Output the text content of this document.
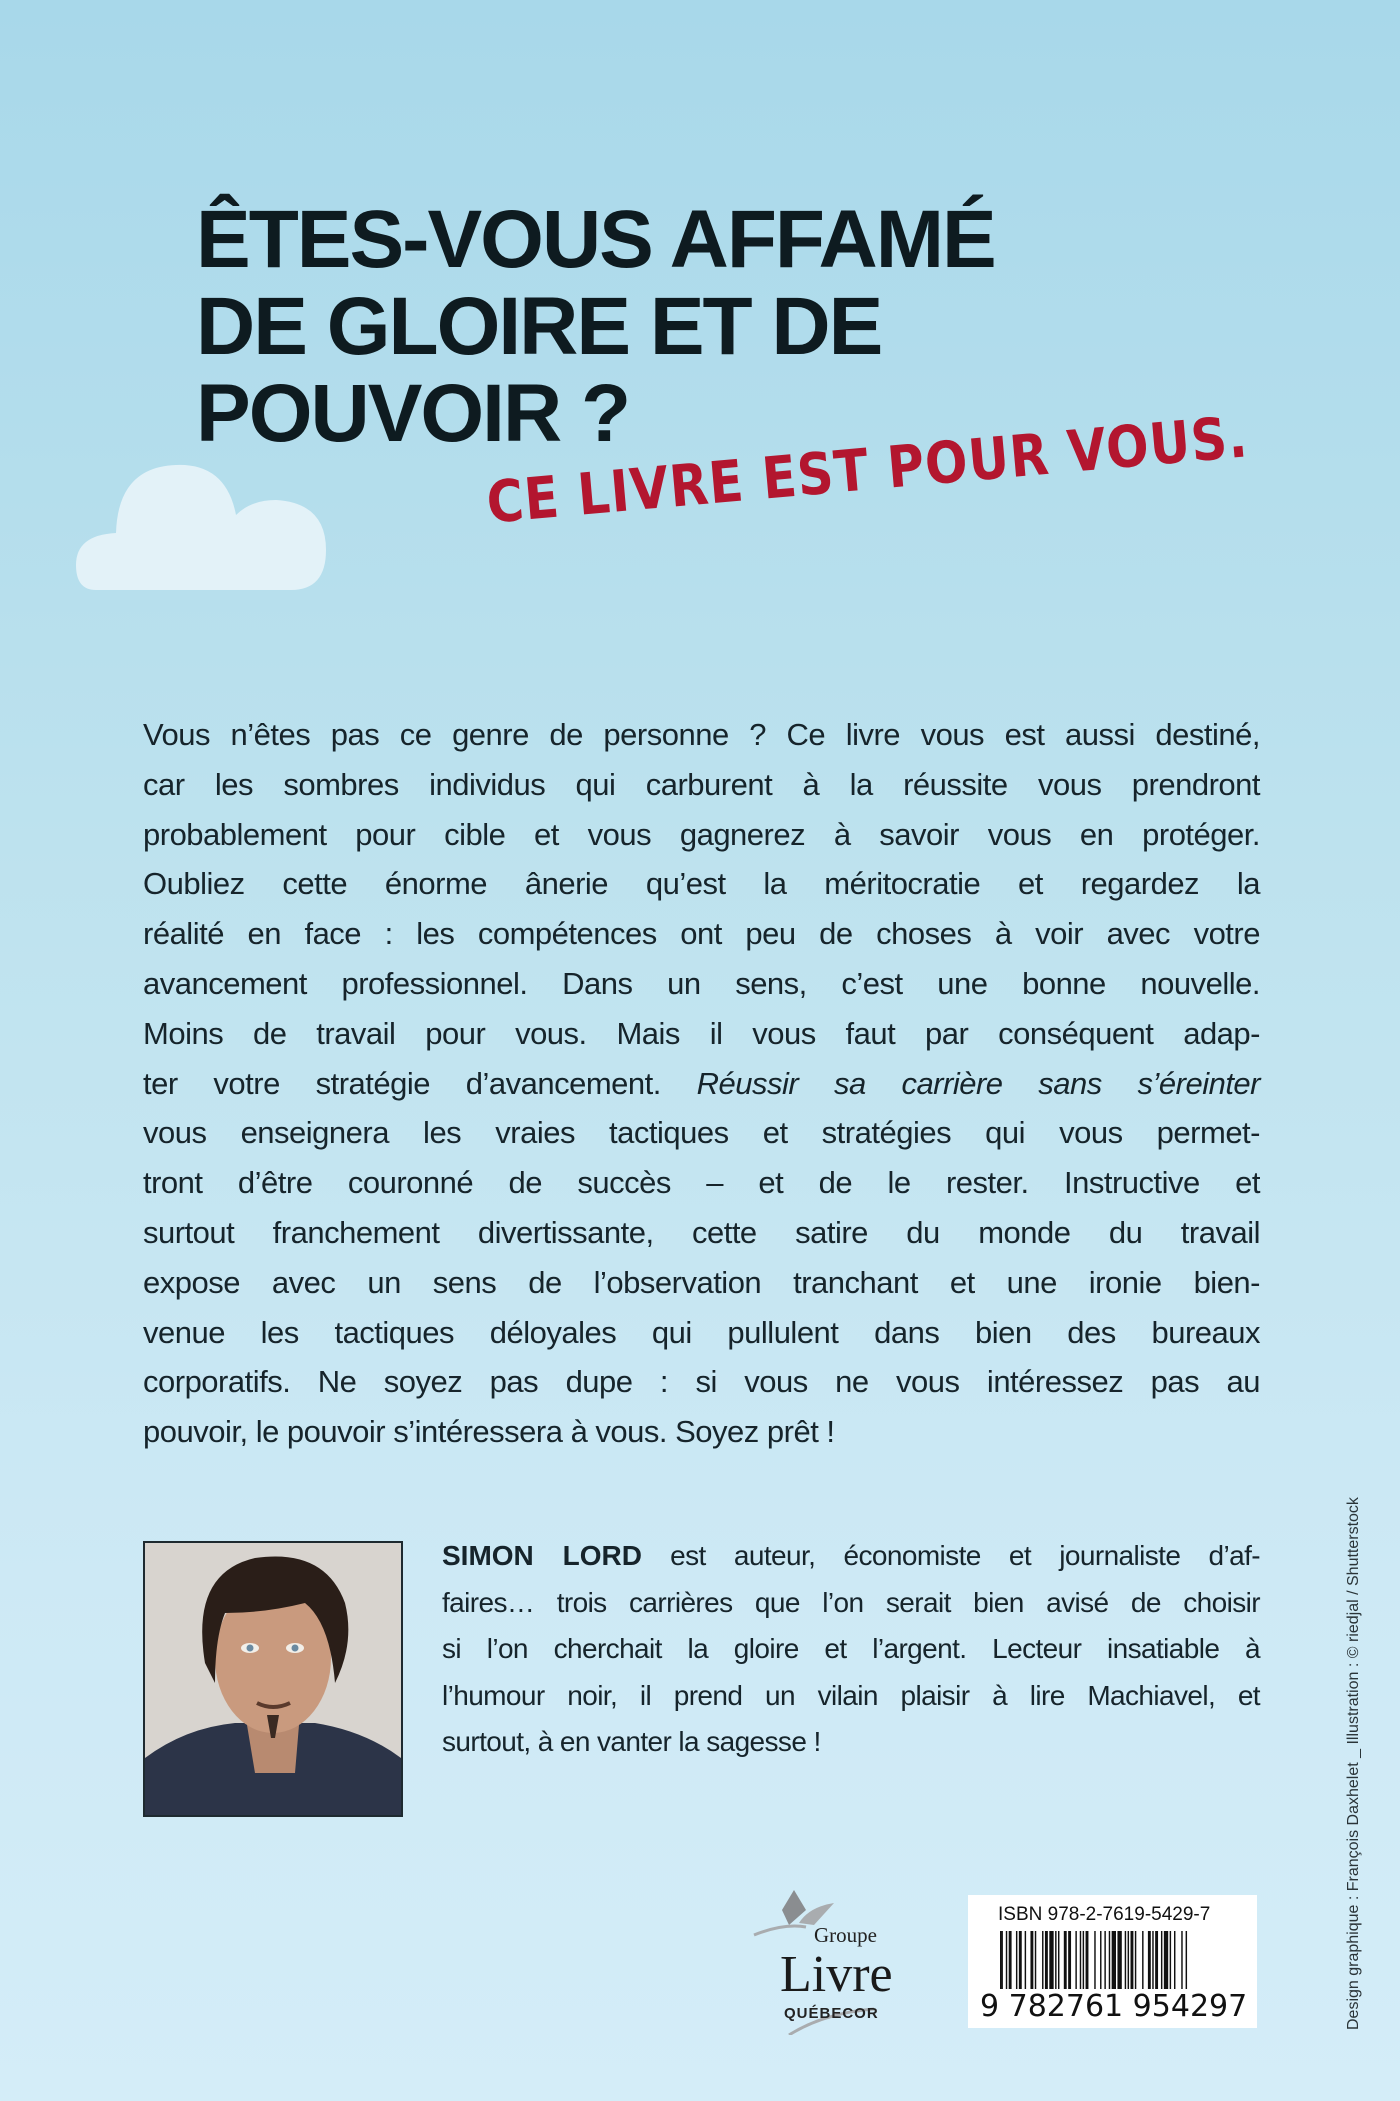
ÊTES-VOUS AFFAMÉ
DE GLOIRE ET DE
POUVOIR ?
CE LIVRE EST POUR VOUS.
Vous n’êtes pas ce genre de personne ? Ce livre vous est aussi destiné,
car les sombres individus qui carburent à la réussite vous prendront
probablement pour cible et vous gagnerez à savoir vous en protéger.
Oubliez cette énorme ânerie qu’est la méritocratie et regardez la
réalité en face : les compétences ont peu de choses à voir avec votre
avancement professionnel. Dans un sens, c’est une bonne nouvelle.
Moins de travail pour vous. Mais il vous faut par conséquent adap-
ter votre stratégie d’avancement. Réussir sa carrière sans s’éreinter
vous enseignera les vraies tactiques et stratégies qui vous permet-
tront d’être couronné de succès – et de le rester. Instructive et
surtout franchement divertissante, cette satire du monde du travail
expose avec un sens de l’observation tranchant et une ironie bien-
venue les tactiques déloyales qui pullulent dans bien des bureaux
corporatifs. Ne soyez pas dupe : si vous ne vous intéressez pas au
pouvoir, le pouvoir s’intéressera à vous. Soyez prêt !
SIMON LORD est auteur, économiste et journaliste d’af-
faires… trois carrières que l’on serait bien avisé de choisir
si l’on cherchait la gloire et l’argent. Lecteur insatiable à
l’humour noir, il prend un vilain plaisir à lire Machiavel, et
surtout, à en vanter la sagesse !
Groupe
Livre
QUÉBECOR
ISBN 978-2-7619-5429-7
9 782761 954297	Design graphique : François Daxhelet _ Illustration : © riedjal / Shutterstock
